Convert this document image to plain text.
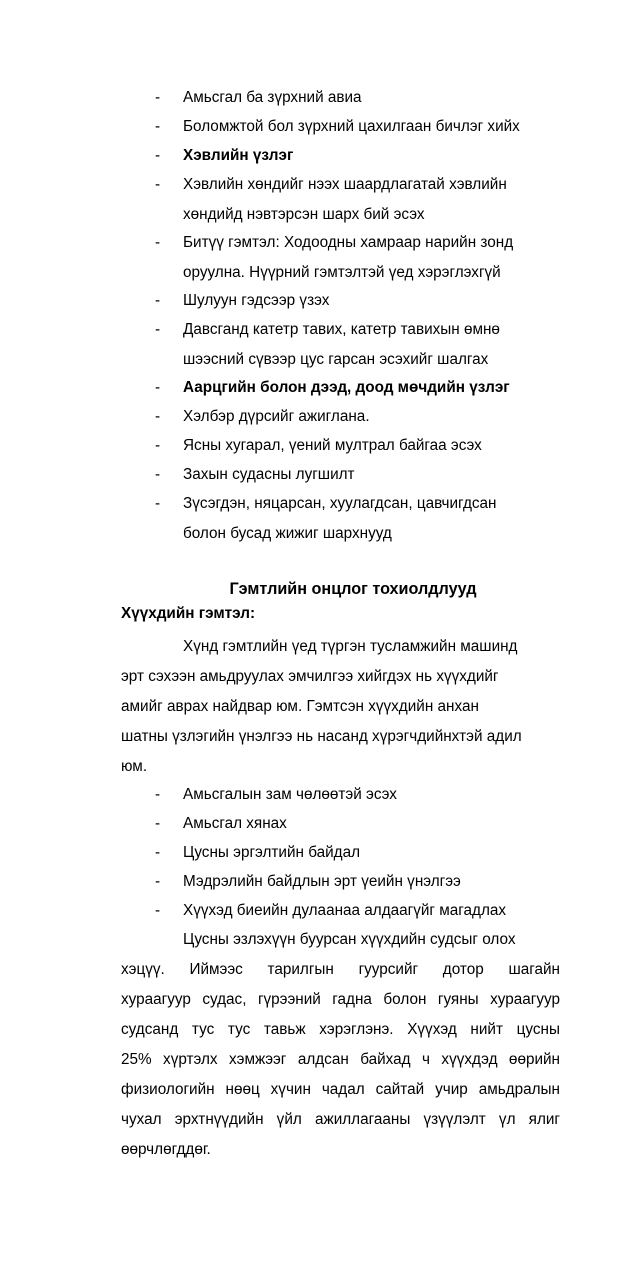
- Амьсгал ба зүрхний авиа
- Боломжтой бол зүрхний цахилгаан бичлэг хийх
- Хэвлийн үзлэг
- Хэвлийн хөндийг нээх шаардлагатай хэвлийн
хөндийд нэвтэрсэн шарх бий эсэх
- Битүү гэмтэл: Ходоодны хамраар нарийн зонд
оруулна. Нүүрний гэмтэлтэй үед хэрэглэхгүй
- Шулуун гэдсээр үзэх
- Давсганд катетр тавих, катетр тавихын өмнө
шээсний сүвээр цус гарсан эсэхийг шалгах
- Аарцгийн болон дээд, доод мөчдийн үзлэг
- Хэлбэр дүрсийг ажиглана.
- Ясны хугарал, үений мултрал байгаа эсэх
- Захын судасны лугшилт
- Зүсэгдэн, няцарсан, хуулагдсан, цавчигдсан
болон бусад жижиг шархнууд
Гэмтлийн онцлог тохиолдлууд
Хүүхдийн гэмтэл:
Хүнд гэмтлийн үед түргэн тусламжийн машинд
эрт сэхээн амьдруулах эмчилгээ хийгдэх нь хүүхдийг
амийг аврах найдвар юм. Гэмтсэн хүүхдийн анхан
шатны үзлэгийн үнэлгээ нь насанд хүрэгчдийнхтэй адил
юм.
- Амьсгалын зам чөлөөтэй эсэх
- Амьсгал хянах
- Цусны эргэлтийн байдал
- Мэдрэлийн байдлын эрт үеийн үнэлгээ
- Хүүхэд биеийн дулаанаа алдаагүйг магадлах
Цусны эзлэхүүн буурсан хүүхдийн судсыг олох
хэцүү. Иймээс тарилгын гуурсийг дотор шагайн
хураагуур судас, гүрээний гадна болон гуяны хураагуур
судсанд тус тус тавьж хэрэглэнэ. Хүүхэд нийт цусны
25% хүртэлх хэмжээг алдсан байхад ч хүүхдэд өөрийн
физиологийн нөөц хүчин чадал сайтай учир амьдралын
чухал эрхтнүүдийн үйл ажиллагааны үзүүлэлт үл ялиг
өөрчлөгддөг.
